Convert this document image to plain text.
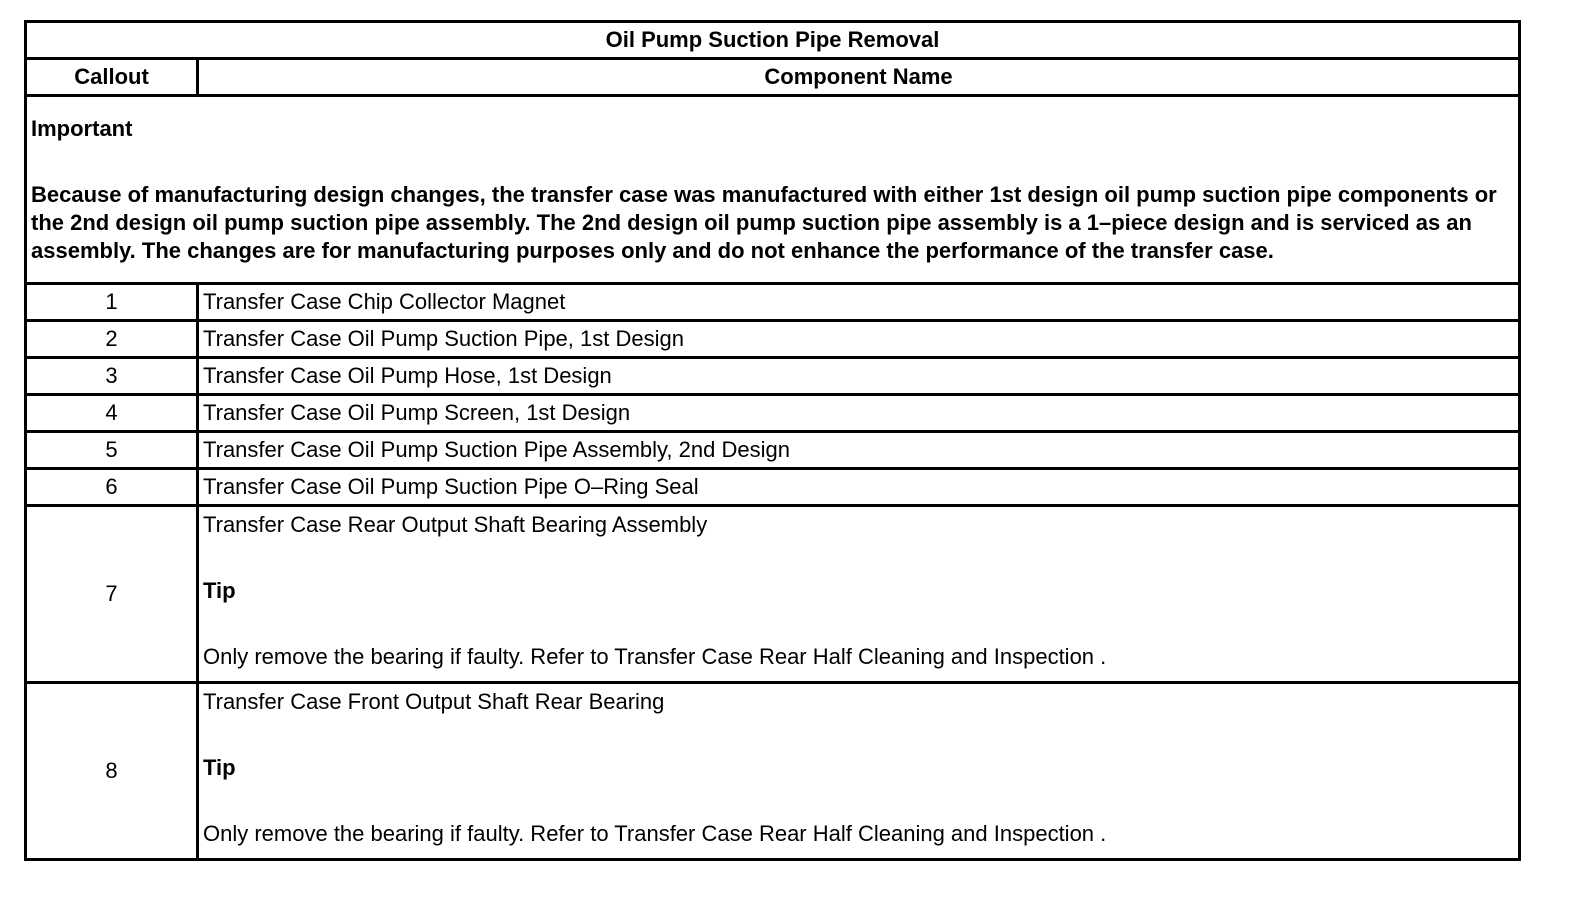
Oil Pump Suction Pipe Removal	
Callout	Component Name

Important
Because of manufacturing design changes, the transfer case was manufactured with either 1st design oil pump suction pipe components or the 2nd design oil pump suction pipe assembly. The 2nd design oil pump suction pipe assembly is a 1–piece design and is serviced as an assembly. The changes are for manufacturing purposes only and do not enhance the performance of the transfer case.	

1	Transfer Case Chip Collector Magnet
2	Transfer Case Oil Pump Suction Pipe, 1st Design
3	Transfer Case Oil Pump Hose, 1st Design
4	Transfer Case Oil Pump Screen, 1st Design
5	Transfer Case Oil Pump Suction Pipe Assembly, 2nd Design
6	Transfer Case Oil Pump Suction Pipe O–Ring Seal
7	Transfer Case Rear Output Shaft Bearing Assembly
Tip
Only remove the bearing if faulty. Refer to Transfer Case Rear Half Cleaning and Inspection .

8	Transfer Case Front Output Shaft Rear Bearing
Tip
Only remove the bearing if faulty. Refer to Transfer Case Rear Half Cleaning and Inspection .
